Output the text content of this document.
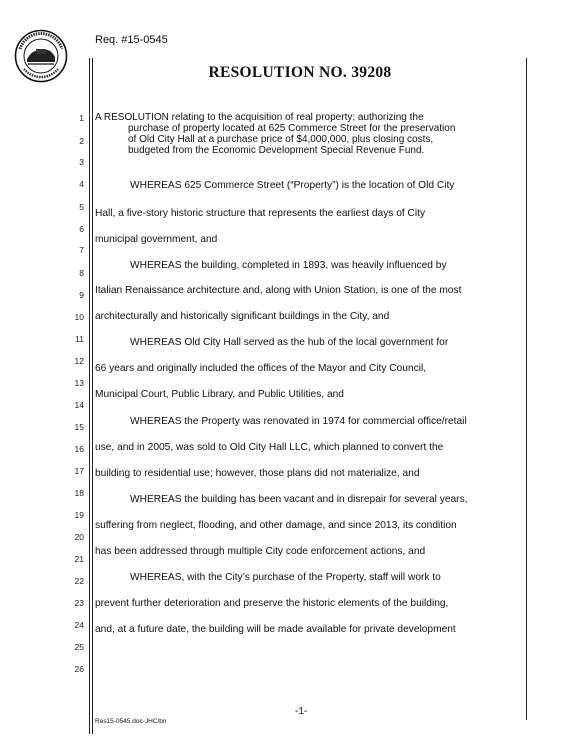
Req. #15-0545
RESOLUTION NO. 39208
1
2
3
4
5
6
7
8
9
10
11
12
13
14
15
16
17
18
19
20
21
22
23
24
25
26
A RESOLUTION relating to the acquisition of real property; authorizing the
purchase of property located at 625 Commerce Street for the preservation
of Old City Hall at a purchase price of $4,000,000, plus closing costs,
budgeted from the Economic Development Special Revenue Fund.
WHEREAS 625 Commerce Street (“Property”) is the location of Old City
Hall, a five-story historic structure that represents the earliest days of City
municipal government, and
WHEREAS the building, completed in 1893, was heavily influenced by
Italian Renaissance architecture and, along with Union Station, is one of the most
architecturally and historically significant buildings in the City, and
WHEREAS Old City Hall served as the hub of the local government for
66 years and originally included the offices of the Mayor and City Council,
Municipal Court, Public Library, and Public Utilities, and
WHEREAS the Property was renovated in 1974 for commercial office/retail
use, and in 2005, was sold to Old City Hall LLC, which planned to convert the
building to residential use; however, those plans did not materialize, and
WHEREAS the building has been vacant and in disrepair for several years,
suffering from neglect, flooding, and other damage, and since 2013, its condition
has been addressed through multiple City code enforcement actions, and
WHEREAS, with the City’s purchase of the Property, staff will work to
prevent further deterioration and preserve the historic elements of the building,
and, at a future date, the building will be made available for private development
-1-
Res15-0545.doc-JHC/bn
